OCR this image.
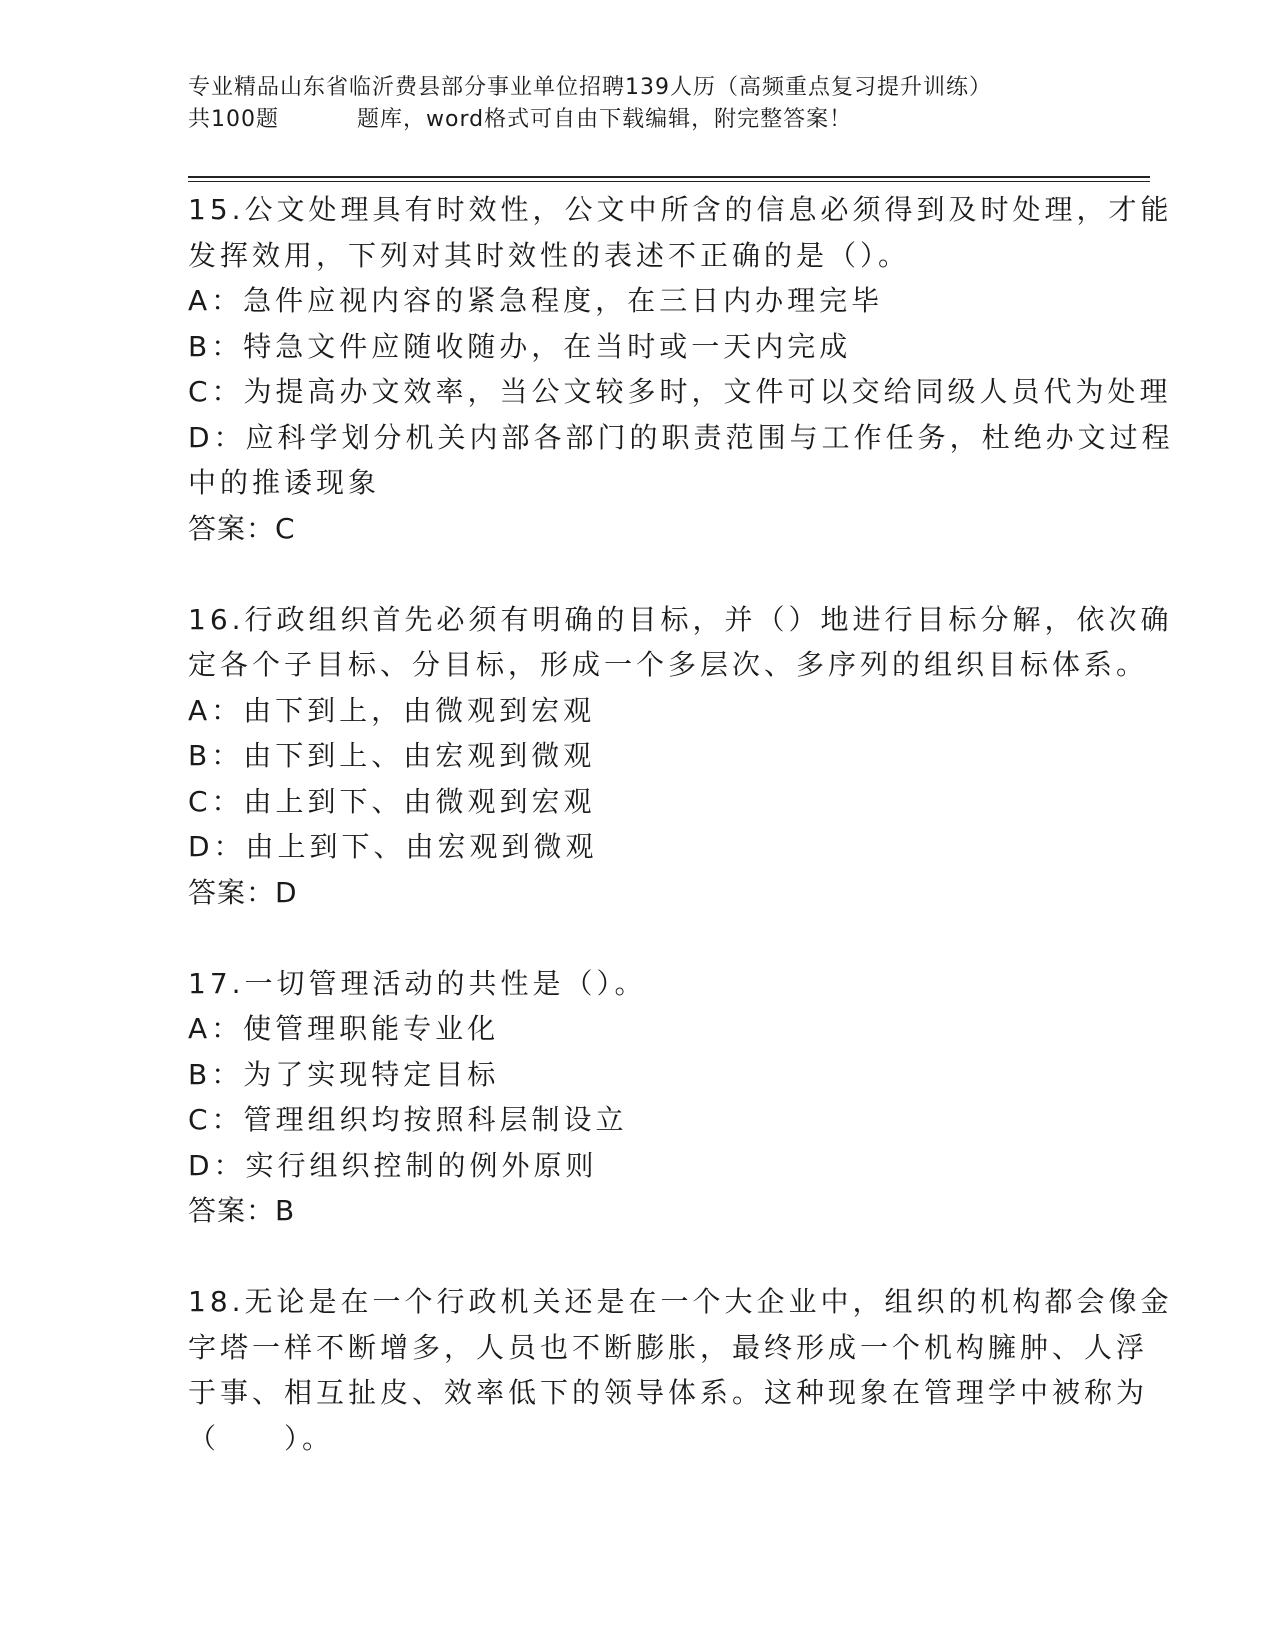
专业精品山东省临沂费县部分事业单位招聘139人历（高频重点复习提升训练）
共100题	题库，word格式可自由下载编辑，附完整答案！
15.公文处理具有时效性，公文中所含的信息必须得到及时处理，才能
发挥效用，下列对其时效性的表述不正确的是（）。
A：急件应视内容的紧急程度，在三日内办理完毕
B：特急文件应随收随办，在当时或一天内完成
C：为提高办文效率，当公文较多时，文件可以交给同级人员代为处理
D：应科学划分机关内部各部门的职责范围与工作任务，杜绝办文过程
中的推诿现象
答案：C
16.行政组织首先必须有明确的目标，并（）地进行目标分解，依次确
定各个子目标、分目标，形成一个多层次、多序列的组织目标体系。
A：由下到上，由微观到宏观
B：由下到上、由宏观到微观
C：由上到下、由微观到宏观
D：由上到下、由宏观到微观
答案：D
17.一切管理活动的共性是（）。
A：使管理职能专业化
B：为了实现特定目标
C：管理组织均按照科层制设立
D：实行组织控制的例外原则
答案：B
18.无论是在一个行政机关还是在一个大企业中，组织的机构都会像金
字塔一样不断增多，人员也不断膨胀，最终形成一个机构臃肿、人浮
于事、相互扯皮、效率低下的领导体系。这种现象在管理学中被称为
（　　）。
